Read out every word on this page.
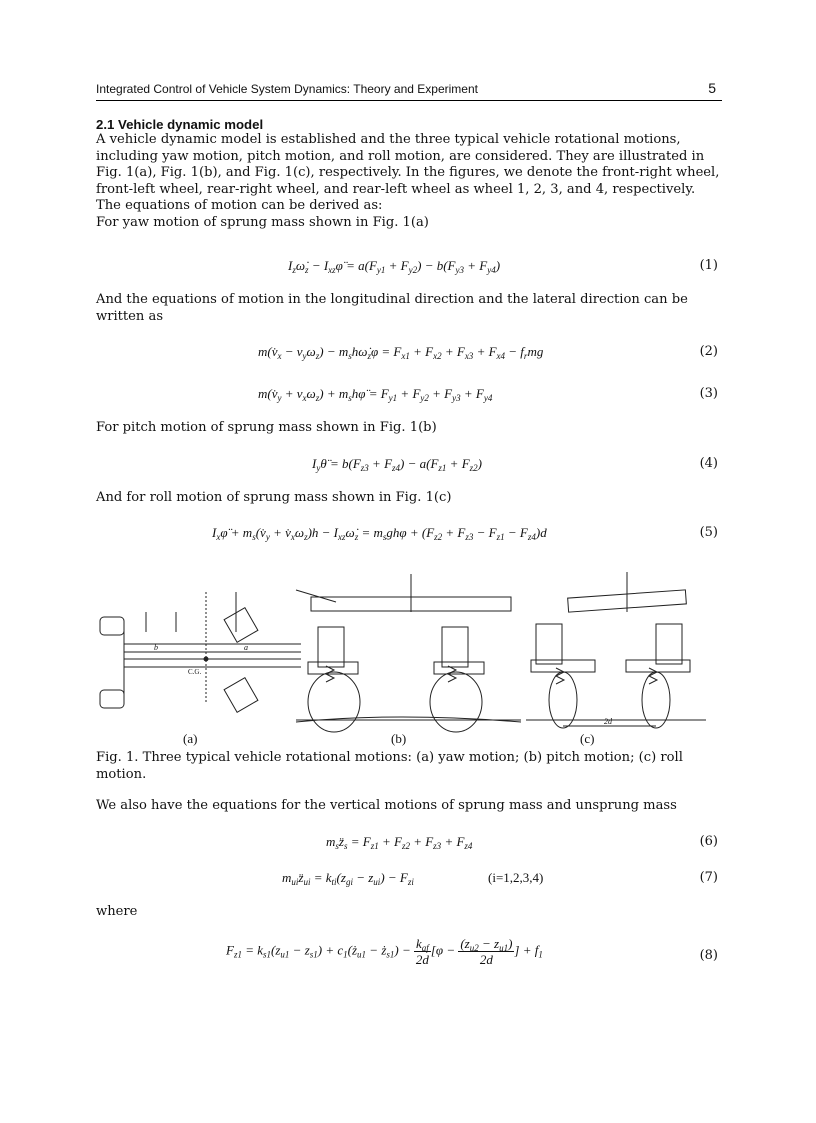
Integrated Control of Vehicle System Dynamics: Theory and Experiment	5
2.1 Vehicle dynamic model
A vehicle dynamic model is established and the three typical vehicle rotational motions,
including yaw motion, pitch motion, and roll motion, are considered. They are illustrated in
Fig. 1(a), Fig. 1(b), and Fig. 1(c), respectively. In the figures, we denote the front-right wheel,
front-left wheel, rear-right wheel, and rear-left wheel as wheel 1, 2, 3, and 4, respectively.
The equations of motion can be derived as:
For yaw motion of sprung mass shown in Fig. 1(a)
$I_z\omegȧ_z$ − $I_{xz}\varphï = a(F_{y1} + F_{y2}) - b(F_{y3} + F_{y4})$	(1)
And the equations of motion in the longitudinal direction and the lateral direction can be
written as
$m(v̇_x - v_y\omega_z)$ − $m_sh\omegȧ_z\varphi = F_{x1} + F_{x2} + F_{x3} + F_{x4} - f_rmg$	(2)
$m(v̇_y + v_x\omega_z)$ + $m_sh\varphï = F_{y1} + F_{y2} + F_{y3} + F_{y4}$	(3)
For pitch motion of sprung mass shown in Fig. 1(b)
$I_y\thetä = b(F_{z3} + F_{z4}) - a(F_{z1} + F_{z2})$	(4)
And for roll motion of sprung mass shown in Fig. 1(c)
$I_x\varphï$ + $m_s(v̇_y$ + $v̇_x\omega_z)h$ − $I_{xz}\omegȧ_z = m_sgh\varphi + (F_{z2} + F_{z3} - F_{z1} - F_{z4})d$	(5)
b	a
C.G.
2d
(a)	(b)	(c)
Fig. 1. Three typical vehicle rotational motions: (a) yaw motion; (b) pitch motion; (c) roll
motion.
We also have the equations for the vertical motions of sprung mass and unsprung mass
$m_sz̈_s = F_{z1} + F_{z2} + F_{z3} + F_{z4}$	(6)
$m_{ui}z̈_{ui} = k_{ti}(z_{gi} - z_{ui}) - F_{zi}$	(i=1,2,3,4)	(7)
where
$F_{z1} = k_{s1}(z_{u1} - z_{s1})$ + $c_1(ż_{u1}$ − $ż_{s1}) - \frac{k_{af}}{2d} [\varphi - \frac{(z_{u2} - z_{u1})}{2d}$ ] + $f_1$	(8)
